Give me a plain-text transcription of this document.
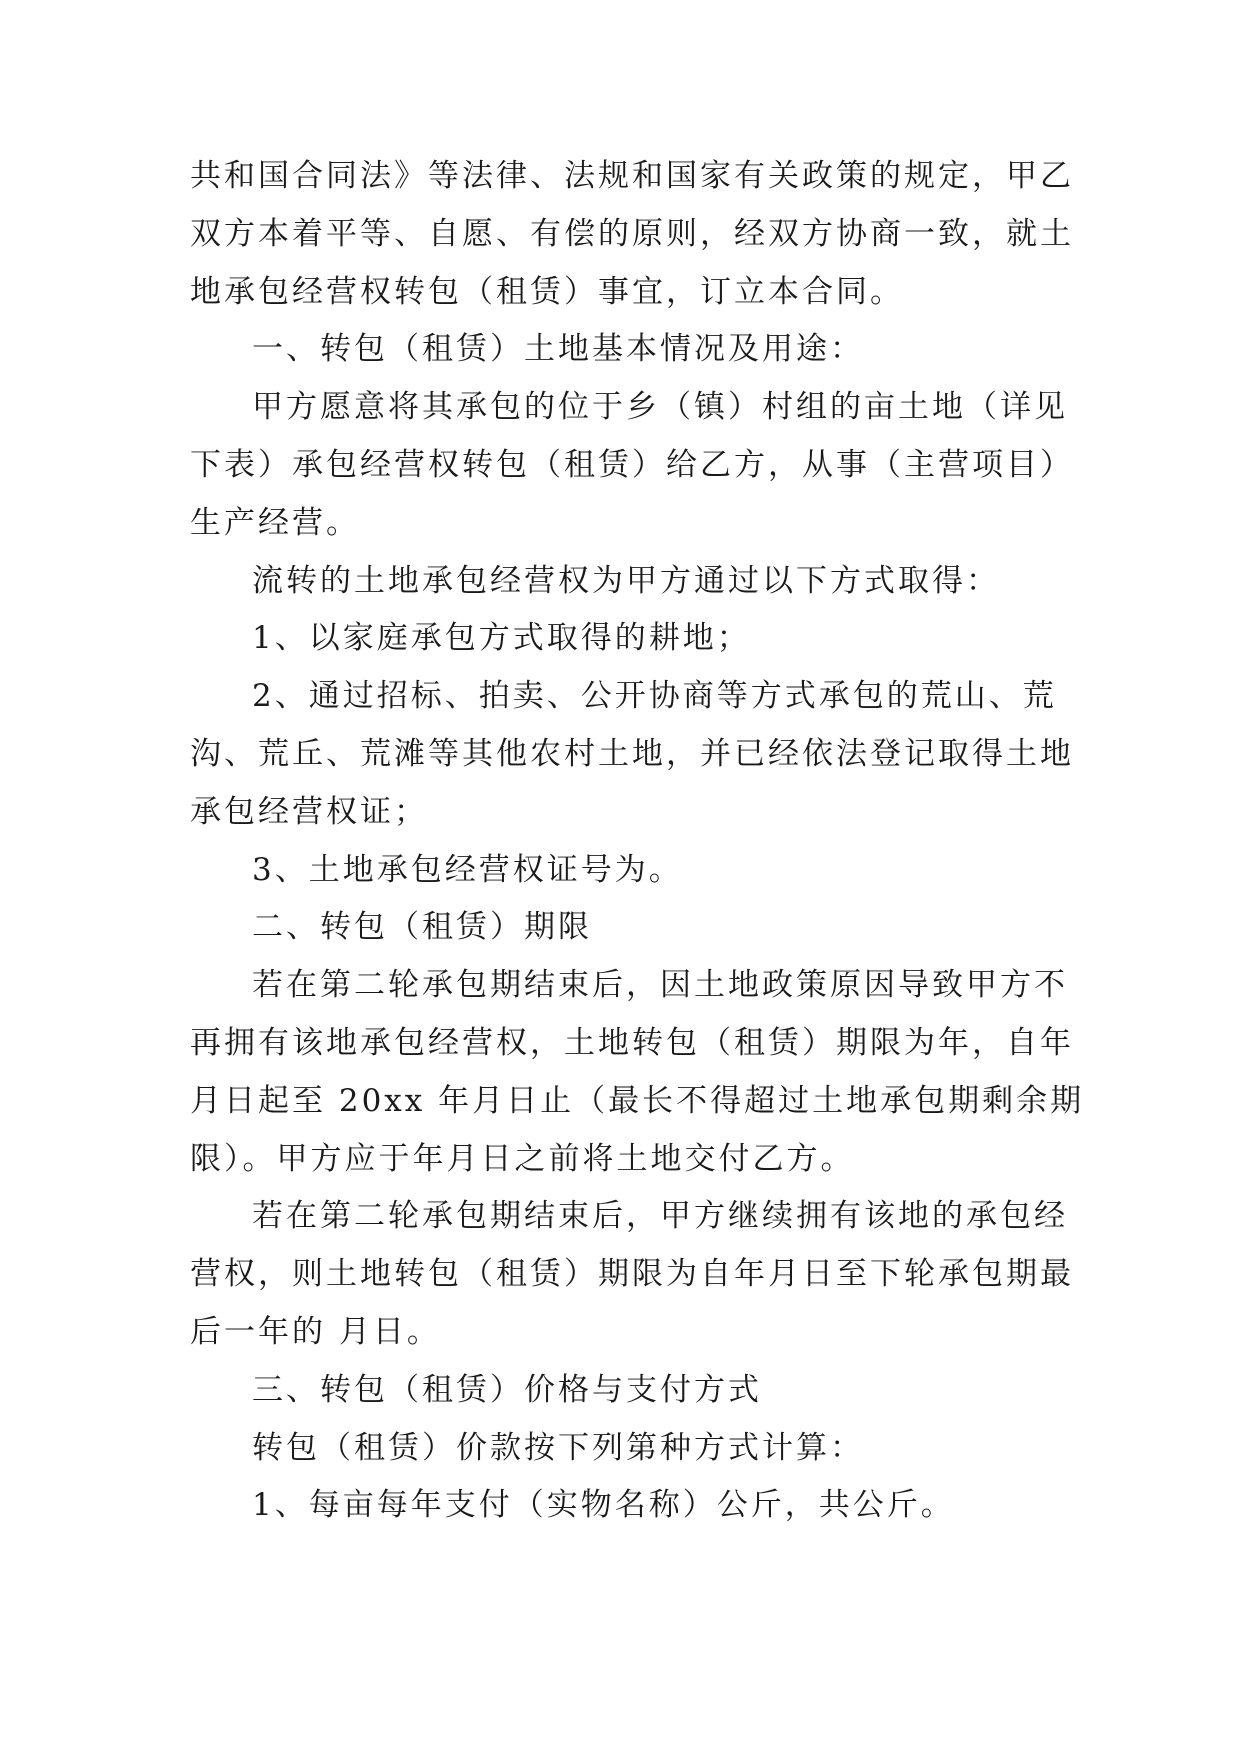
共和国合同法》等法律、法规和国家有关政策的规定，甲乙

双方本着平等、自愿、有偿的原则，经双方协商一致，就土

地承包经营权转包（租赁）事宜，订立本合同。

一、转包（租赁）土地基本情况及用途：

甲方愿意将其承包的位于乡（镇）村组的亩土地（详见

下表）承包经营权转包（租赁）给乙方，从事（主营项目）

生产经营。

流转的土地承包经营权为甲方通过以下方式取得：

1、以家庭承包方式取得的耕地；

2、通过招标、拍卖、公开协商等方式承包的荒山、荒

沟、荒丘、荒滩等其他农村土地，并已经依法登记取得土地

承包经营权证；

3、土地承包经营权证号为。

二、转包（租赁）期限

若在第二轮承包期结束后，因土地政策原因导致甲方不

再拥有该地承包经营权，土地转包（租赁）期限为年，自年

月日起至 20xx 年月日止（最长不得超过土地承包期剩余期

限）。甲方应于年月日之前将土地交付乙方。

若在第二轮承包期结束后，甲方继续拥有该地的承包经

营权，则土地转包（租赁）期限为自年月日至下轮承包期最

后一年的 月日。

三、转包（租赁）价格与支付方式

转包（租赁）价款按下列第种方式计算：

1、每亩每年支付（实物名称）公斤，共公斤。
